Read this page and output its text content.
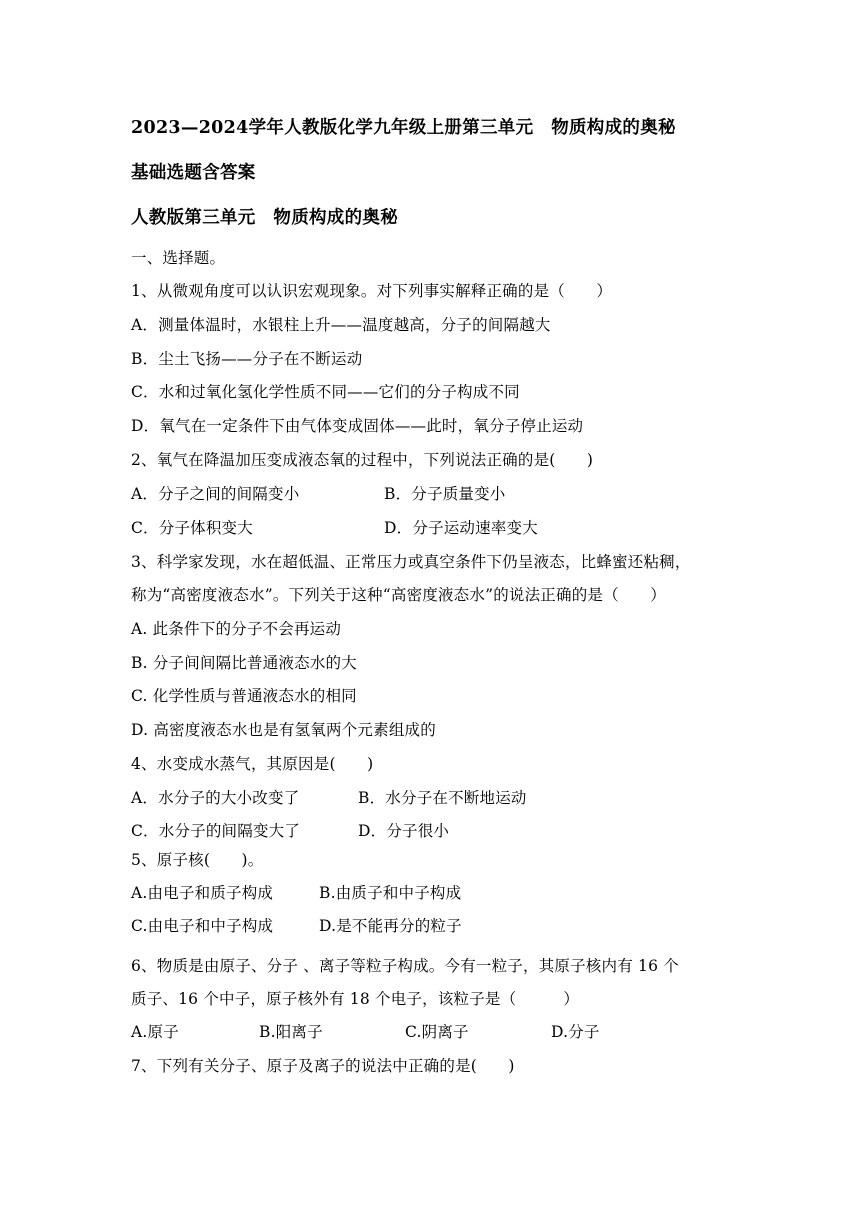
2023—2024学年人教版化学九年级上册第三单元　物质构成的奥秘
基础选题含答案
人教版第三单元　物质构成的奥秘
一、选择题。
1、从微观角度可以认识宏观现象。对下列事实解释正确的是（　　）
A．测量体温时，水银柱上升——温度越高，分子的间隔越大
B．尘土飞扬——分子在不断运动
C．水和过氧化氢化学性质不同——它们的分子构成不同
D．氧气在一定条件下由气体变成固体——此时，氧分子停止运动
2、氧气在降温加压变成液态氧的过程中，下列说法正确的是(　　)
A．分子之间的间隔变小	B．分子质量变小
C．分子体积变大	D．分子运动速率变大
3、科学家发现，水在超低温、正常压力或真空条件下仍呈液态，比蜂蜜还粘稠，
称为“高密度液态水”。下列关于这种“高密度液态水”的说法正确的是（　　）
A. 此条件下的分子不会再运动
B. 分子间间隔比普通液态水的大
C. 化学性质与普通液态水的相同
D. 高密度液态水也是有氢氧两个元素组成的
4、水变成水蒸气，其原因是(　　)
A．水分子的大小改变了	B．水分子在不断地运动
C．水分子的间隔变大了	D．分子很小
5、原子核(　　)。
A.由电子和质子构成	B.由质子和中子构成
C.由电子和中子构成	D.是不能再分的粒子
6、物质是由原子、分子 、离子等粒子构成。今有一粒子，其原子核内有 16 个
质子、16 个中子，原子核外有 18 个电子，该粒子是（　　　）
A.原子	B.阳离子	C.阴离子	D.分子
7、下列有关分子、原子及离子的说法中正确的是(　　)
